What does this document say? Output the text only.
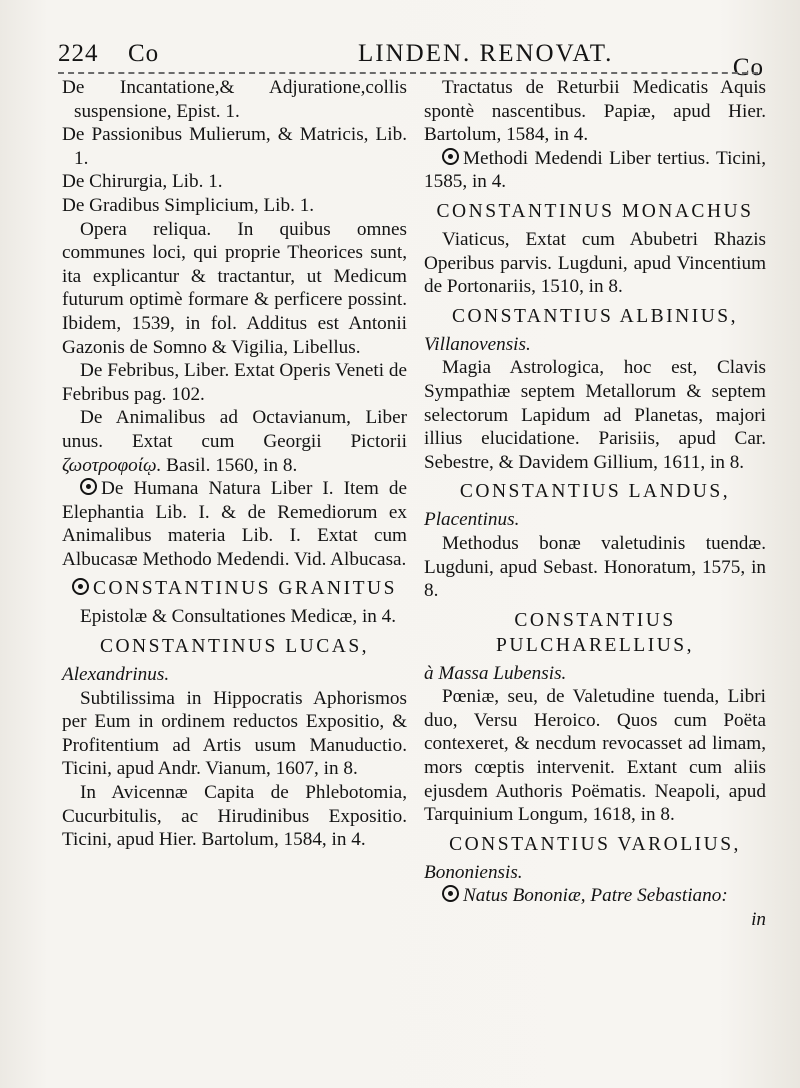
224 Co	LINDEN. RENOVAT.
Co

De Incantatione,& Adjuratione,collis suspensione, Epist. 1.

De Passionibus Mulierum, & Matricis, Lib. 1.

De Chirurgia, Lib. 1.

De Gradibus Simplicium, Lib. 1.

Opera reliqua. In quibus omnes communes loci, qui proprie Theorices sunt, ita explicantur & tractantur, ut Medicum futurum optimè formare & perficere possint. Ibidem, 1539, in fol. Additus est Antonii Gazonis de Somno & Vigilia, Libellus.

De Febribus, Liber. Extat Operis Veneti de Febribus pag. 102.

De Animalibus ad Octavianum, Liber unus. Extat cum Georgii Pictorii ζωοτροφοίῳ. Basil. 1560, in 8.

De Humana Natura Liber I. Item de Elephantia Lib. I. & de Remediorum ex Animalibus materia Lib. I. Extat cum Albucasæ Methodo Medendi. Vid. Albucasa.

CONSTANTINUS GRANITUS

Epistolæ & Consultationes Medicæ, in 4.

CONSTANTINUS LUCAS,

Alexandrinus.

Subtilissima in Hippocratis Aphorismos per Eum in ordinem reductos Expositio, & Profitentium ad Artis usum Manuductio. Ticini, apud Andr. Vianum, 1607, in 8.

In Avicennæ Capita de Phlebotomia, Cucurbitulis, ac Hirudinibus Expositio. Ticini, apud Hier. Bartolum, 1584, in 4.

Tractatus de Returbii Medicatis Aquis spontè nascentibus. Papiæ, apud Hier. Bartolum, 1584, in 4.

Methodi Medendi Liber tertius. Ticini, 1585, in 4.

CONSTANTINUS MONACHUS

Viaticus, Extat cum Abubetri Rhazis Operibus parvis. Lugduni, apud Vincentium de Portonariis, 1510, in 8.

CONSTANTIUS ALBINIUS,

Villanovensis.

Magia Astrologica, hoc est, Clavis Sympathiæ septem Metallorum & septem selectorum Lapidum ad Planetas, majori illius elucidatione. Parisiis, apud Car. Sebestre, & Davidem Gillium, 1611, in 8.

CONSTANTIUS LANDUS,

Placentinus.

Methodus bonæ valetudinis tuendæ. Lugduni, apud Sebast. Honoratum, 1575, in 8.

CONSTANTIUS PULCHARELLIUS,

à Massa Lubensis.

Pœniæ, seu, de Valetudine tuenda, Libri duo, Versu Heroico. Quos cum Poëta contexeret, & necdum revocasset ad limam, mors cœptis intervenit. Extant cum aliis ejusdem Authoris Poëmatis. Neapoli, apud Tarquinium Longum, 1618, in 8.

CONSTANTIUS VAROLIUS,

Bononiensis.

Natus Bononiæ, Patre Sebastiano:

in
